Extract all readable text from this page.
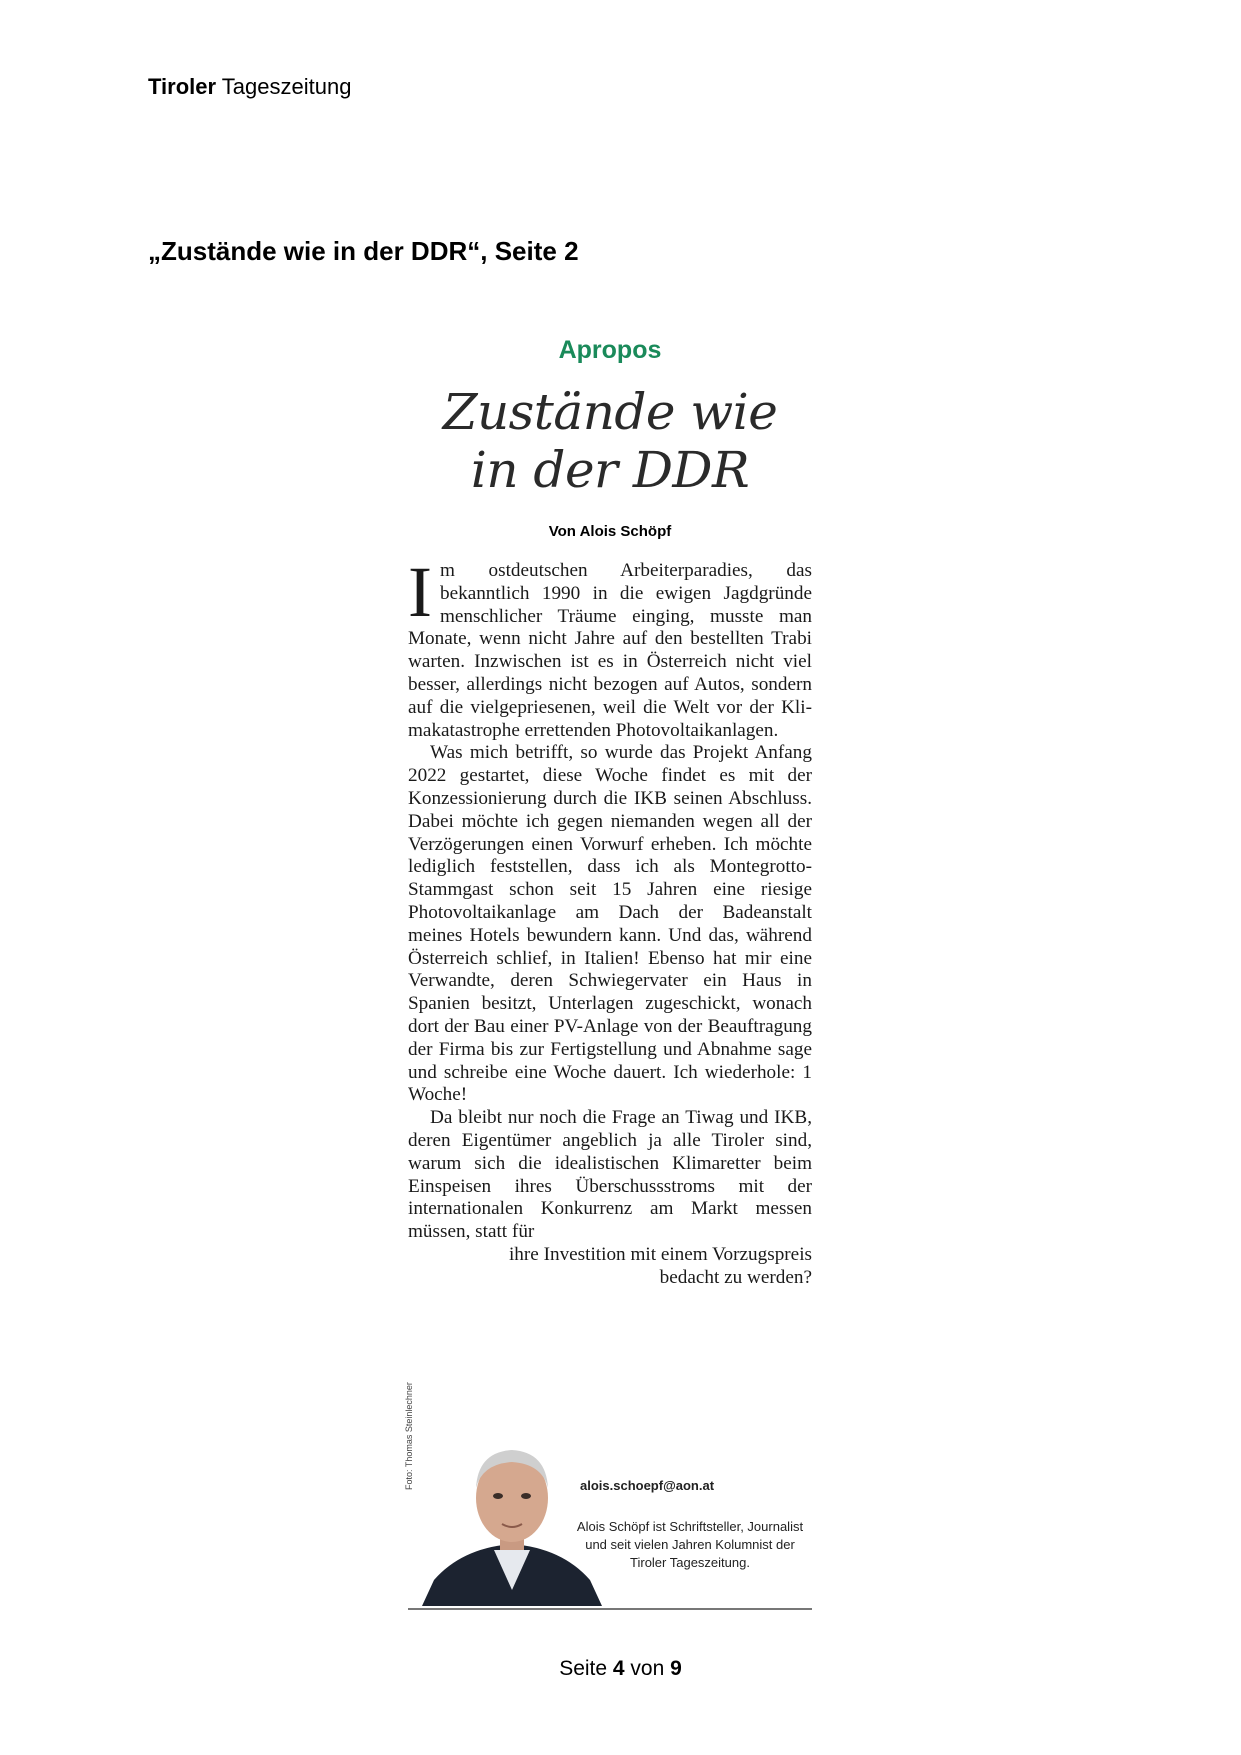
Tiroler Tageszeitung
„Zustände wie in der DDR“, Seite 2
Apropos
Zustände wie
in der DDR
Von Alois Schöpf

Im ostdeutschen Arbeiterparadies, das bekanntlich 1990 in die ewigen Jagdgründe menschlicher Träume einging, musste man Monate, wenn nicht Jahre auf den bestellten Trabi warten. Inzwischen ist es in Österreich nicht viel besser, allerdings nicht bezogen auf Autos, sondern auf die vielgepriesenen, weil die Welt vor der Klimakatastrophe errettenden Photovoltaikanlagen.

Was mich betrifft, so wurde das Projekt Anfang 2022 gestartet, diese Woche findet es mit der Konzessionierung durch die IKB seinen Abschluss. Dabei möchte ich gegen niemanden wegen all der Verzögerungen einen Vorwurf erheben. Ich möchte lediglich feststellen, dass ich als Montegrotto-Stammgast schon seit 15 Jahren eine riesige Photovoltaikanlage am Dach der Badeanstalt meines Hotels bewundern kann. Und das, während Österreich schlief, in Italien! Ebenso hat mir eine Verwandte, deren Schwiegervater ein Haus in Spanien besitzt, Unterlagen zugeschickt, wonach dort der Bau einer PV-Anlage von der Beauftragung der Firma bis zur Fertigstellung und Abnahme sage und schreibe eine Woche dauert. Ich wiederhole: 1 Woche!

Da bleibt nur noch die Frage an Tiwag und IKB, deren Eigentümer angeblich ja alle Tiroler sind, warum sich die idealistischen Klimaretter beim Einspeisen ihres Überschussstroms mit der internationalen Konkurrenz am Markt messen müssen, statt für

ihre Investition mit einem Vorzugspreis bedacht zu werden?

Foto: Thomas Steinlechner	alois.schoepf@aon.at
Alois Schöpf ist Schriftsteller, Journalist und seit vielen Jahren Kolumnist der Tiroler Tageszeitung.
Seite 4 von 9
